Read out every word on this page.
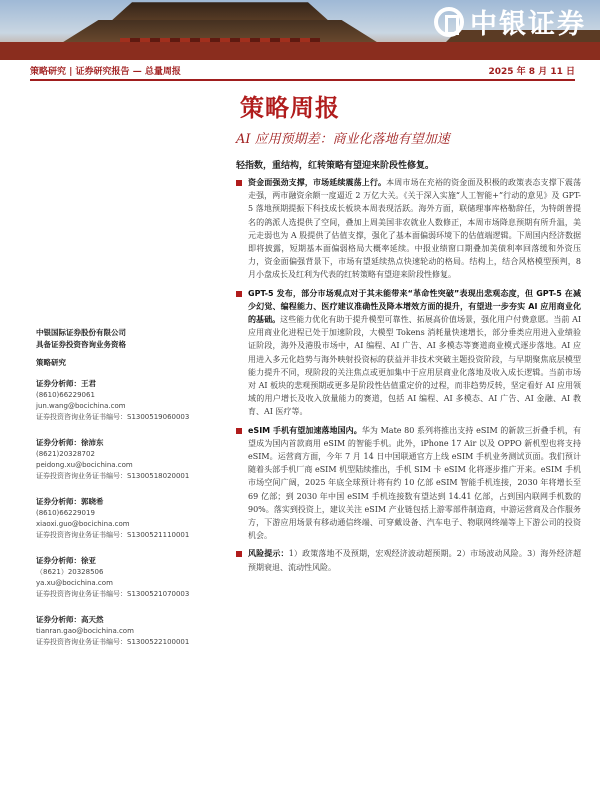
中银证券
策略研究 | 证券研究报告 — 总量周报	2025 年 8 月 11 日
策略周报
AI 应用预期差：商业化落地有望加速
轻指数，重结构，红转策略有望迎来阶段性修复。
资金面强劲支撑，市场延续震荡上行。本周市场在充裕的资金面及积极的政策表态支撑下震荡走强，两市融资余额一度逼近 2 万亿大关。《关于深入实施“人工智能+”行动的意见》及 GPT-5 落地预期提振下科技成长板块本周表现活跃。海外方面，联储理事库格勒辞任，为特朗普提名的鸽派人选提供了空间，叠加上周美国非农就业人数修正，本周市场降息预期有所升温，美元走弱也为 A 股提供了估值支撑，强化了基本面偏弱环境下的估值端逻辑。下周国内经济数据即将披露，短期基本面偏弱格局大概率延续。中报业绩窗口期叠加美债利率回落缓和外资压力，资金面偏强背景下，市场有望延续热点快速轮动的格局。结构上，结合风格模型预判，8 月小盘成长及红利为代表的红转策略有望迎来阶段性修复。
GPT-5 发布，部分市场观点对于其未能带来“革命性突破”表现出悲观态度，但 GPT-5 在减少幻觉、编程能力、医疗建议准确性及降本增效方面的提升，有望进一步夯实 AI 应用商业化的基础。这些能力优化有助于提升模型可靠性、拓展高价值场景，强化用户付费意愿。当前 AI 应用商业化进程已处于加速阶段，大模型 Tokens 消耗量快速增长，部分垂类应用进入业绩验证阶段，海外及港股市场中，AI 编程、AI 广告、AI 多模态等赛道商业模式逐步落地。AI 应用进入多元化趋势与海外映射投资标的获益并非技术突破主题投资阶段，与早期聚焦底层模型能力提升不同，现阶段的关注焦点或更加集中于应用层商业化落地及收入成长逻辑。当前市场对 AI 板块的悲观预期或更多是阶段性估值重定价的过程，而非趋势反转，坚定看好 AI 应用领域的用户增长及收入放量能力的赛道，包括 AI 编程、AI 多模态、AI 广告、AI 金融、AI 教育、AI 医疗等。
eSIM 手机有望加速落地国内。华为 Mate 80 系列将推出支持 eSIM 的新款三折叠手机，有望成为国内首款商用 eSIM 的智能手机。此外，iPhone 17 Air 以及 OPPO 新机型也将支持 eSIM。运营商方面，今年 7 月 14 日中国联通官方上线 eSIM 手机业务测试页面。我们预计随着头部手机厂商 eSIM 机型陆续推出，手机 SIM 卡 eSIM 化将逐步推广开来。eSIM 手机市场空间广阔，2025 年底全球预计将有约 10 亿部 eSIM 智能手机连接，2030 年将增长至 69 亿部；到 2030 年中国 eSIM 手机连接数有望达到 14.41 亿部，占到国内联网手机数的 90%。落实到投资上，建议关注 eSIM 产业链包括上游零部件制造商，中游运营商及合作服务方，下游应用场景有移动通信终端、可穿戴设备、汽车电子、物联网终端等上下游公司的投资机会。
风险提示：1）政策落地不及预期，宏观经济波动超预期。2）市场波动风险。3）海外经济超预期衰退、流动性风险。
中银国际证券股份有限公司
具备证券投资咨询业务资格
策略研究
证券分析师：王君
(8610)66229061
jun.wang@bocichina.com
证券投资咨询业务证书编号：S1300519060003
证券分析师：徐沛东
(8621)20328702
peidong.xu@bocichina.com
证券投资咨询业务证书编号：S1300518020001
证券分析师：郭晓希
(8610)66229019
xiaoxi.guo@bocichina.com
证券投资咨询业务证书编号：S1300521110001
证券分析师：徐亚
（8621）20328506
ya.xu@bocichina.com
证券投资咨询业务证书编号：S1300521070003
证券分析师：高天然
tianran.gao@bocichina.com
证券投资咨询业务证书编号：S1300522100001
